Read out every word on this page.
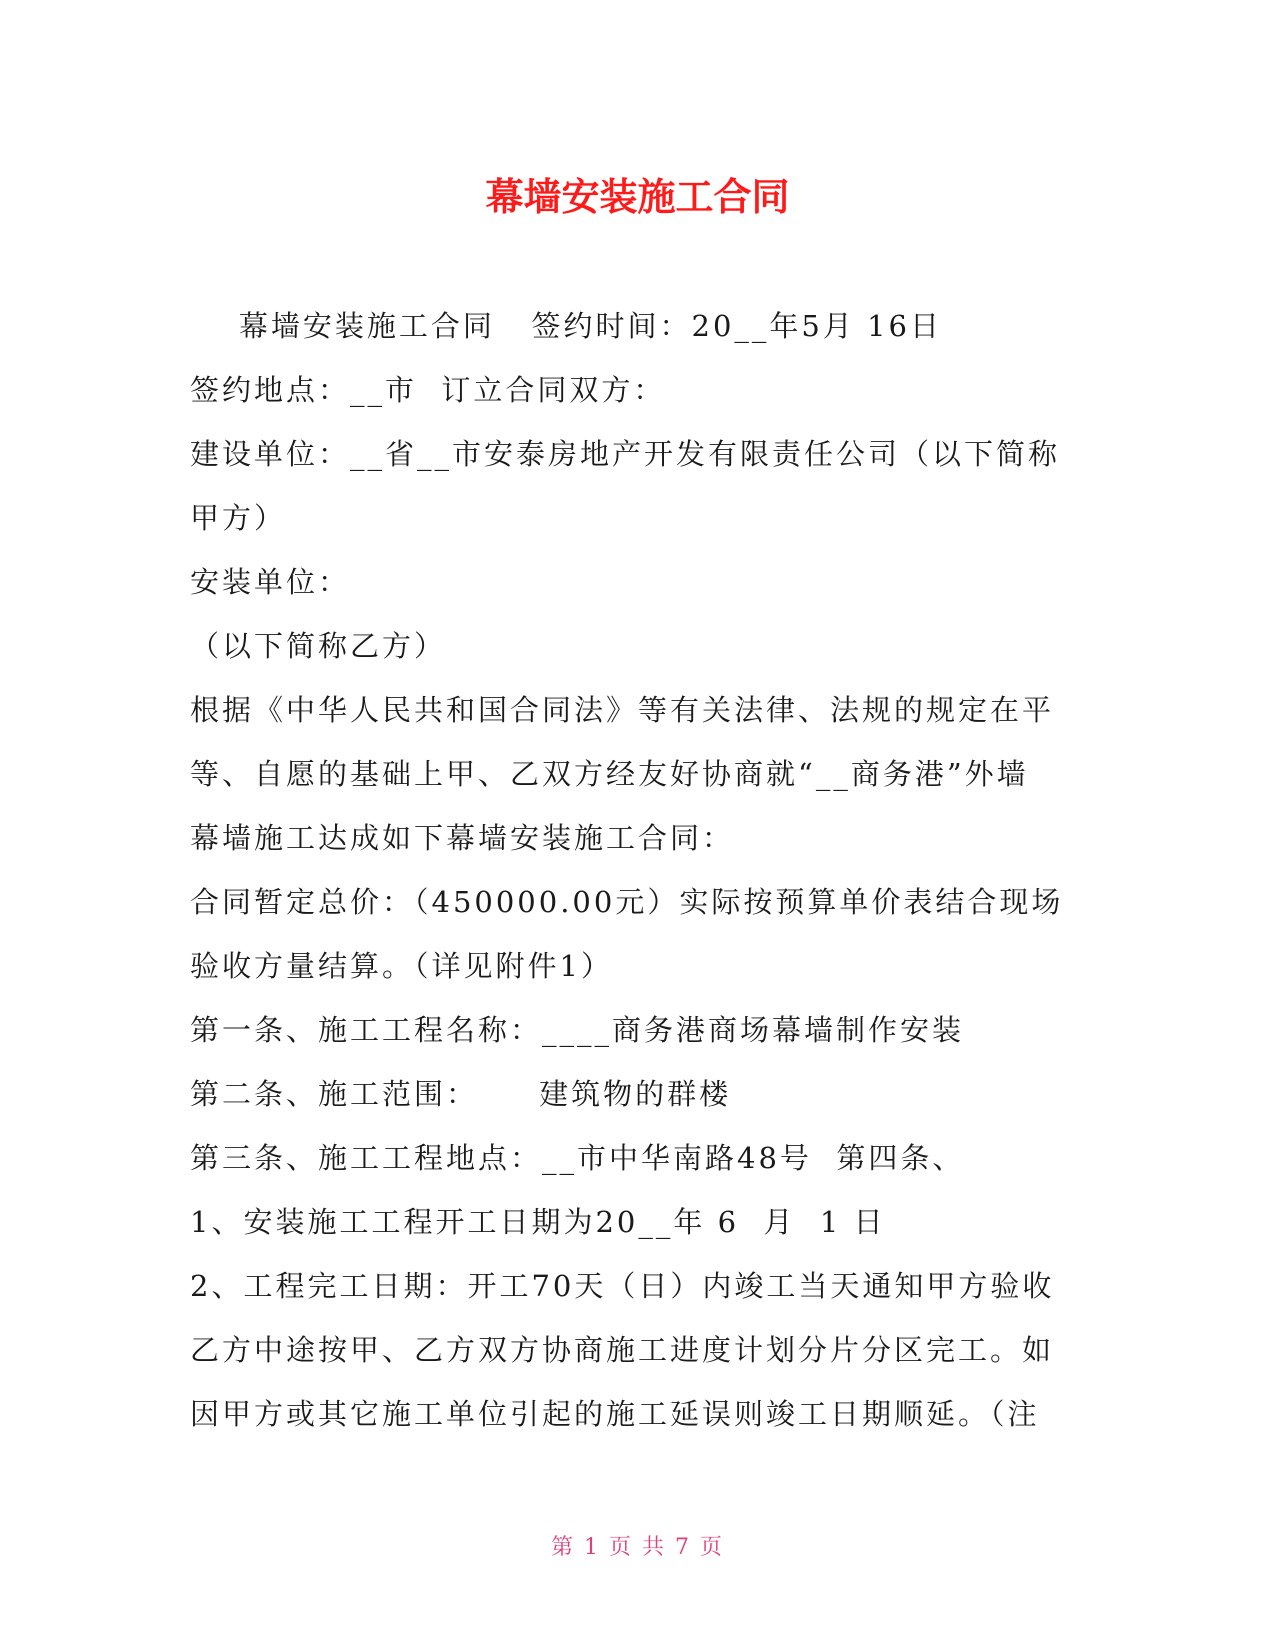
幕墙安装施工合同
幕墙安装施工合同   签约时间：20__年5月 16日
签约地点：__市  订立合同双方：
建设单位：__省__市安泰房地产开发有限责任公司（以下简称
甲方）
安装单位：
（以下简称乙方）
根据《中华人民共和国合同法》等有关法律、法规的规定在平
等、自愿的基础上甲、乙双方经友好协商就“__商务港”外墙
幕墙施工达成如下幕墙安装施工合同：
合同暂定总价：（450000.00元）实际按预算单价表结合现场
验收方量结算。（详见附件1）
第一条、施工工程名称：____商务港商场幕墙制作安装
第二条、施工范围：     建筑物的群楼
第三条、施工工程地点：__市中华南路48号  第四条、
1、安装施工工程开工日期为20__年 6  月  1 日
2、工程完工日期：开工70天（日）内竣工当天通知甲方验收
乙方中途按甲、乙方双方协商施工进度计划分片分区完工。如
因甲方或其它施工单位引起的施工延误则竣工日期顺延。（注
第 1 页 共 7 页
